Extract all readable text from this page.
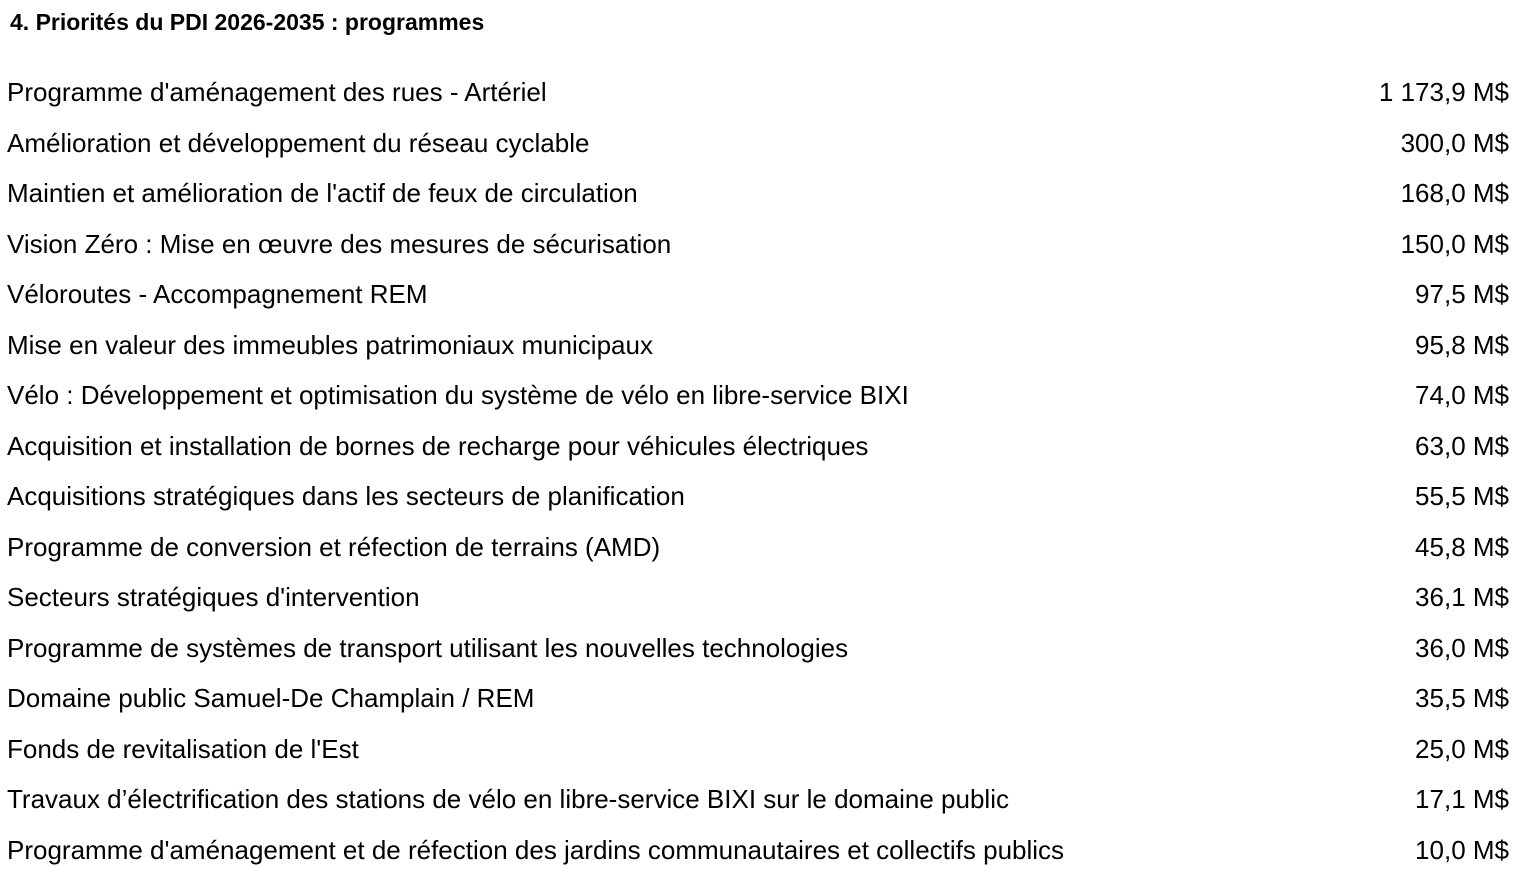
4. Priorités du PDI 2026-2035 : programmes
Programme d'aménagement des rues - Artériel	1 173,9 M$
Amélioration et développement du réseau cyclable	300,0 M$
Maintien et amélioration de l'actif de feux de circulation	168,0 M$
Vision Zéro : Mise en œuvre des mesures de sécurisation	150,0 M$
Véloroutes - Accompagnement REM	97,5 M$
Mise en valeur des immeubles patrimoniaux municipaux	95,8 M$
Vélo : Développement et optimisation du système de vélo en libre-service BIXI	74,0 M$
Acquisition et installation de bornes de recharge pour véhicules électriques	63,0 M$
Acquisitions stratégiques dans les secteurs de planification	55,5 M$
Programme de conversion et réfection de terrains (AMD)	45,8 M$
Secteurs stratégiques d'intervention	36,1 M$
Programme de systèmes de transport utilisant les nouvelles technologies	36,0 M$
Domaine public Samuel-De Champlain / REM	35,5 M$
Fonds de revitalisation de l'Est	25,0 M$
Travaux d’électrification des stations de vélo en libre-service BIXI sur le domaine public	17,1 M$
Programme d'aménagement et de réfection des jardins communautaires et collectifs publics	10,0 M$
